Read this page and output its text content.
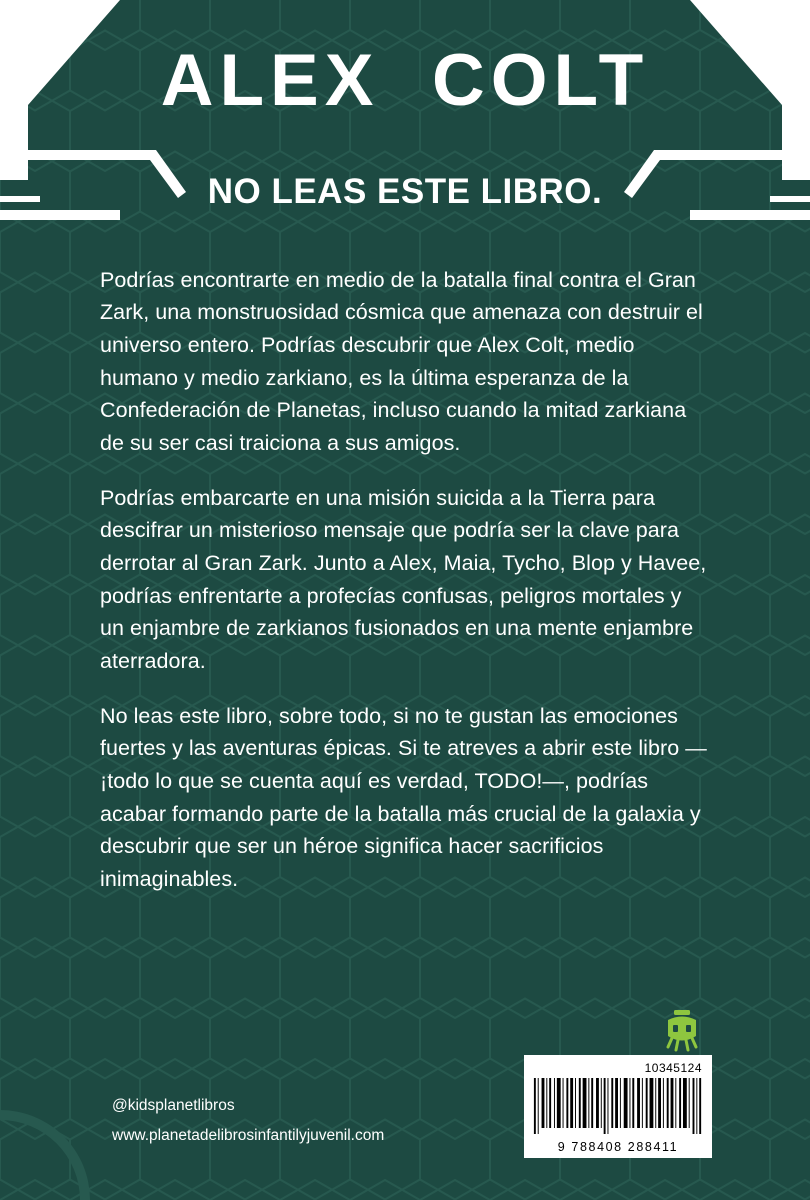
ALEX  COLT
NO LEAS ESTE LIBRO.

Podrías encontrarte en medio de la batalla final contra el Gran Zark, una monstruosidad cósmica que amenaza con destruir el universo entero. Podrías descubrir que Alex Colt, medio humano y medio zarkiano, es la última esperanza de la Confederación de Planetas, incluso cuando la mitad zarkiana de su ser casi traiciona a sus amigos.

Podrías embarcarte en una misión suicida a la Tierra para descifrar un misterioso mensaje que podría ser la clave para derrotar al Gran Zark. Junto a Alex, Maia, Tycho, Blop y Havee, podrías enfrentarte a profecías confusas, peligros mortales y un enjambre de zarkianos fusionados en una mente enjambre aterradora.

No leas este libro, sobre todo, si no te gustan las emociones fuertes y las aventuras épicas. Si te atreves a abrir este libro —¡todo lo que se cuenta aquí es verdad, TODO!—, podrías acabar formando parte de la batalla más crucial de la galaxia y descubrir que ser un héroe significa hacer sacrificios inimaginables.

10345124
9 788408 288411
@kidsplanetlibros
www.planetadelibrosinfantilyjuvenil.com
